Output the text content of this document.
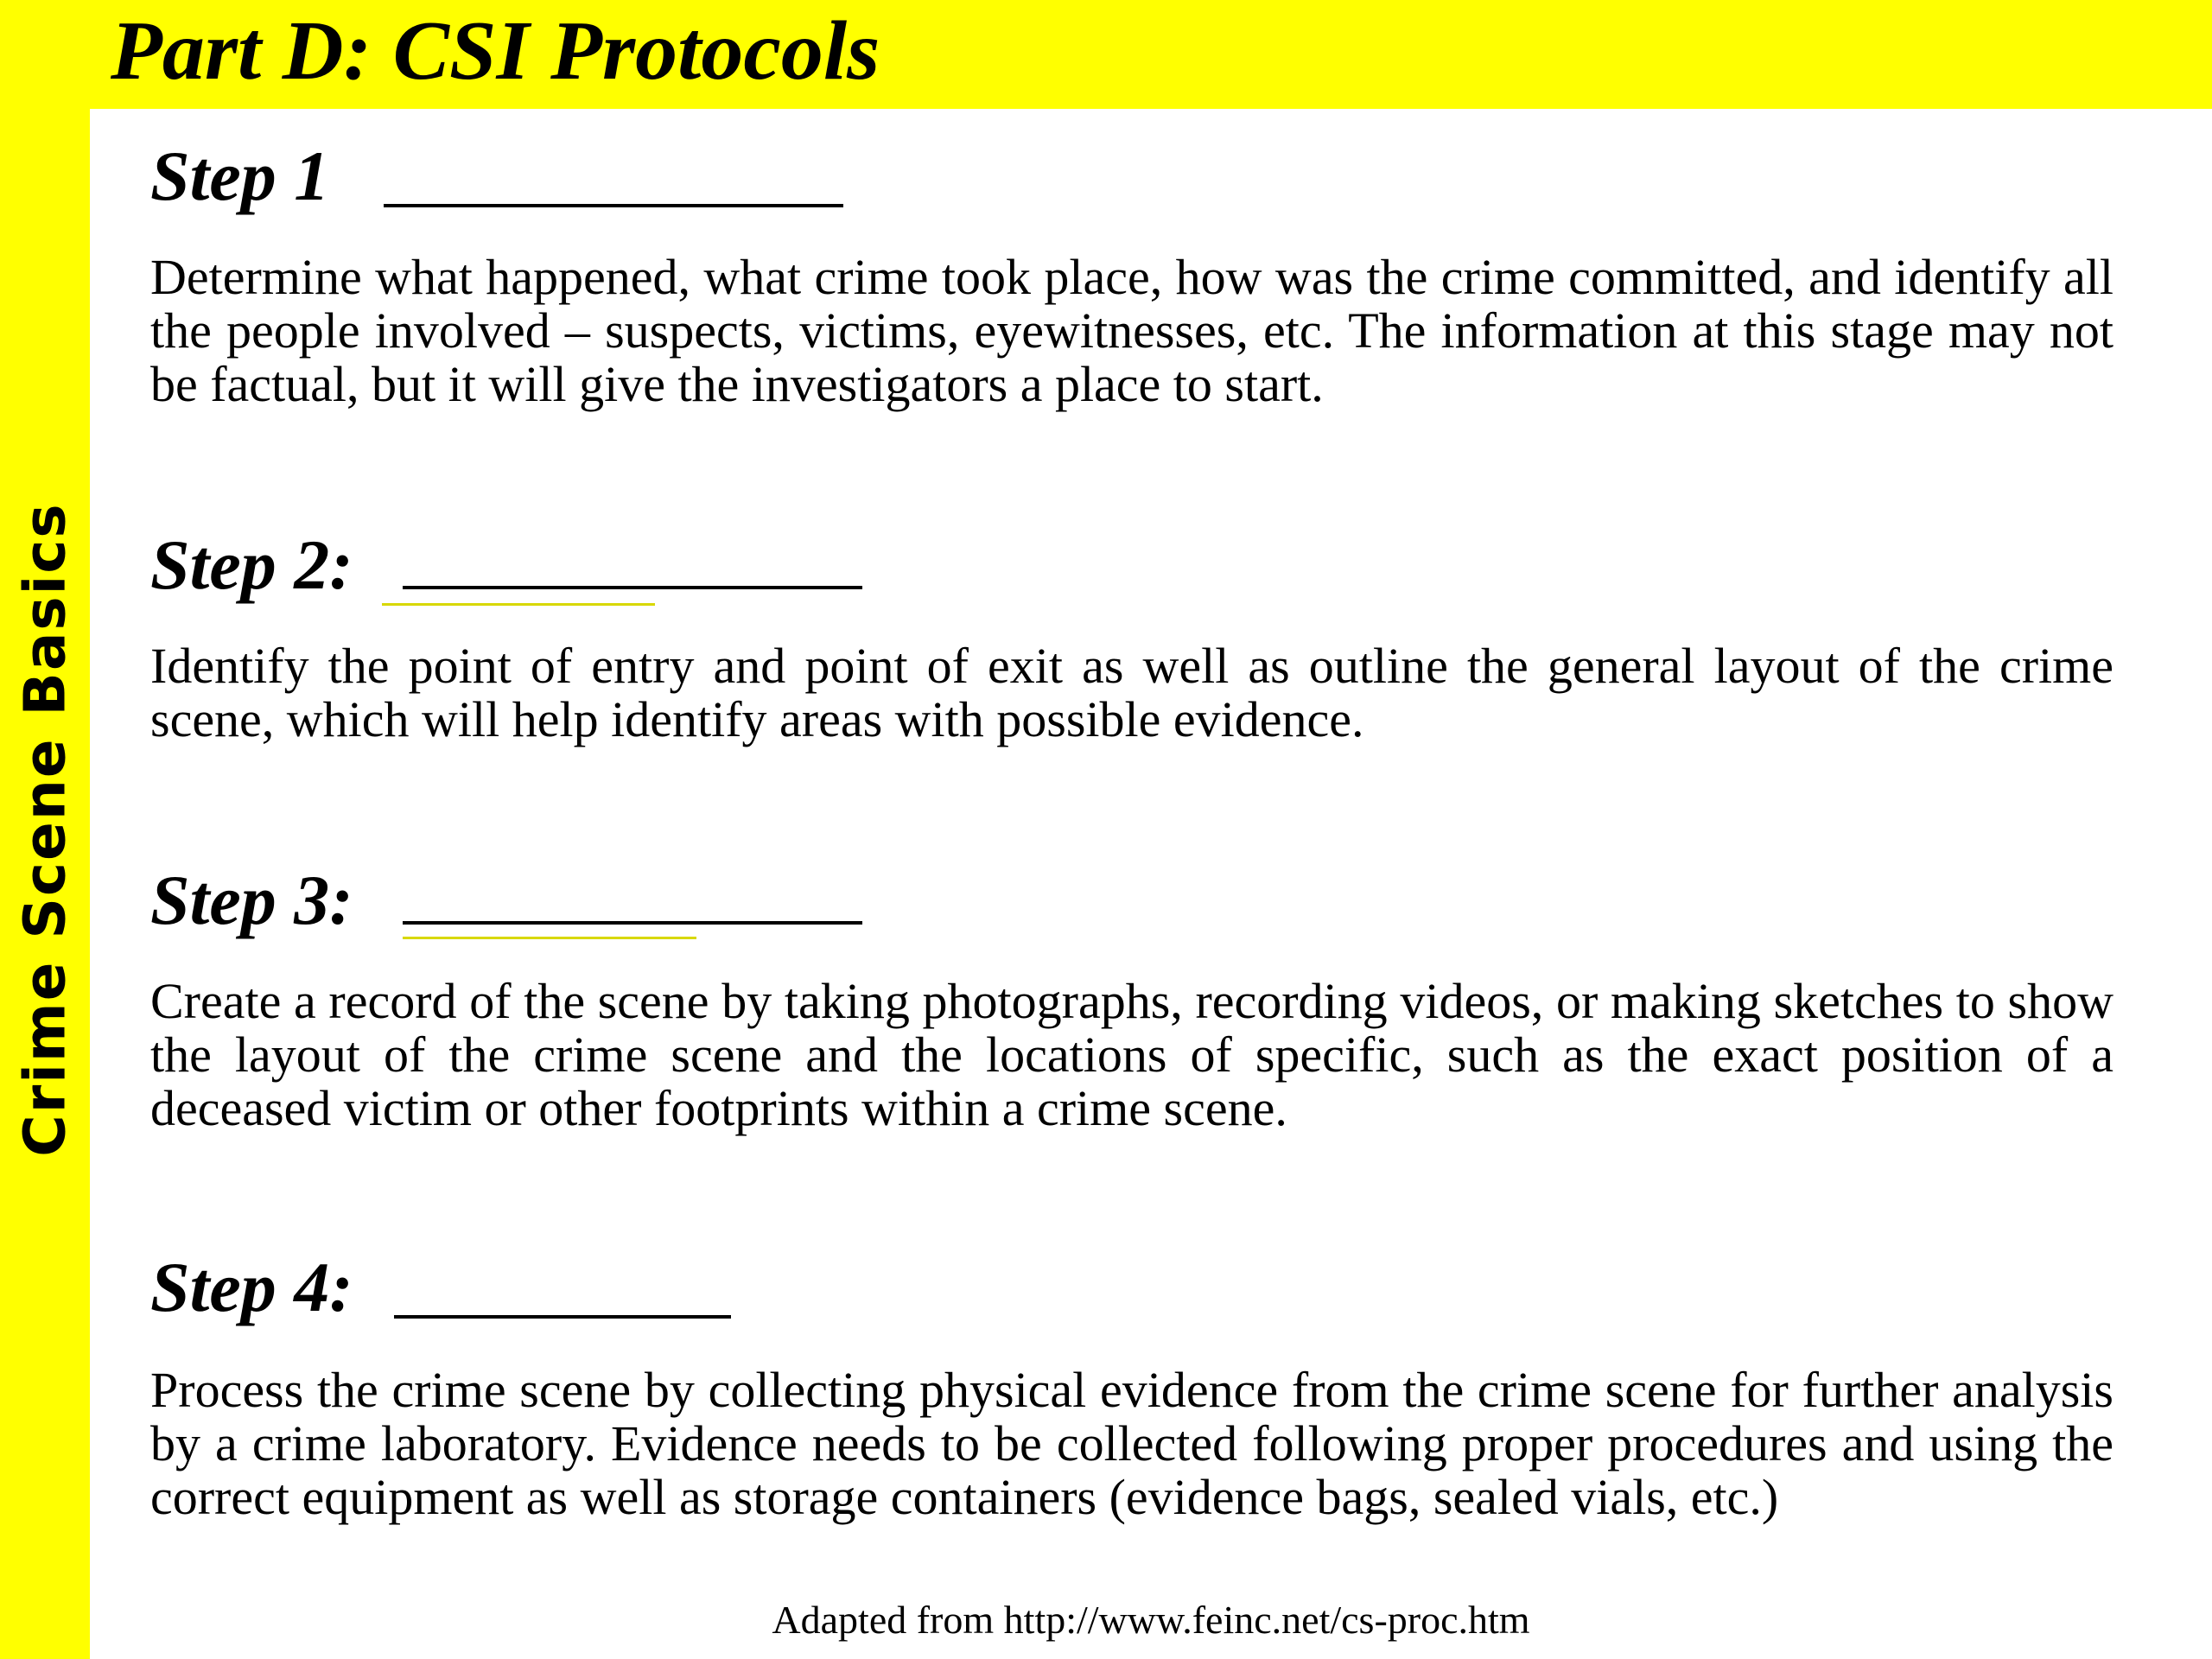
Part D: CSI Protocols
Crime Scene Basics
Step 1

Determine what happened, what crime took place, how was the crime committed, and identify all the people involved – suspects, victims, eyewitnesses, etc. The information at this stage may not be factual, but it will give the investigators a place to start.

Step 2:

Identify the point of entry and point of exit as well as outline the general layout of the crime scene, which will help identify areas with possible evidence.

Step 3:

Create a record of the scene by taking photographs, recording videos, or making sketches to show the layout of the crime scene and the locations of specific, such as the exact position of a deceased victim or other footprints within a crime scene.

Step 4:

Process the crime scene by collecting physical evidence from the crime scene for further analysis by a crime laboratory. Evidence needs to be collected following proper procedures and using the correct equipment as well as storage containers (evidence bags, sealed vials, etc.)

Adapted from http://www.feinc.net/cs-proc.htm
